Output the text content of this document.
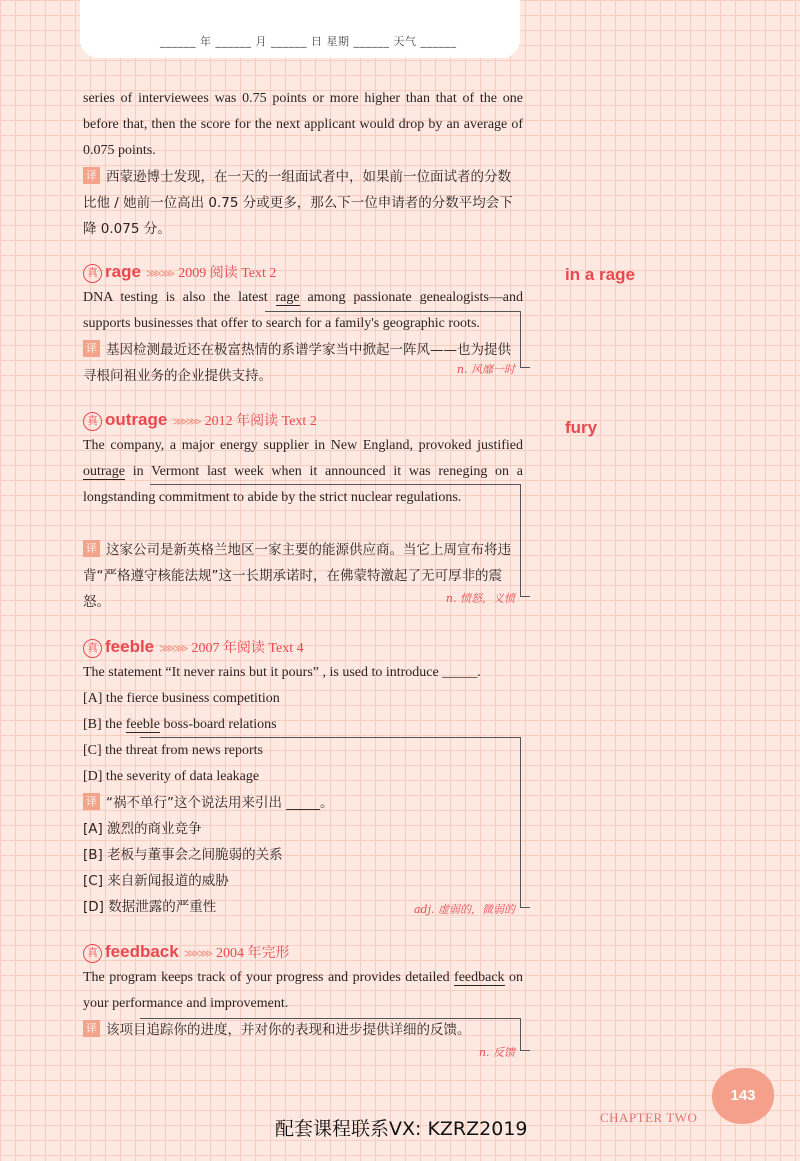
______ 年 ______ 月 ______ 日 星期 ______ 天气 ______
series of interviewees was 0.75 points or more higher than that of the one before that, then the score for the next applicant would drop by an average of 0.075 points.
译 西蒙逊博士发现，在一天的一组面试者中，如果前一位面试者的分数比他 / 她前一位高出 0.75 分或更多，那么下一位申请者的分数平均会下降 0.075 分。
真 rage ⋙⋙ 2009 阅读 Text 2
DNA testing is also the latest rage among passionate genealogists—and supports businesses that offer to search for a family's geographic roots.
译 基因检测最近还在极富热情的系谱学家当中掀起一阵风——也为提供寻根问祖业务的企业提供支持。
真 outrage ⋙⋙ 2012 年阅读 Text 2
The company, a major energy supplier in New England, provoked justified outrage in Vermont last week when it announced it was reneging on a longstanding commitment to abide by the strict nuclear regulations.
译 这家公司是新英格兰地区一家主要的能源供应商。当它上周宣布将违背“严格遵守核能法规”这一长期承诺时，在佛蒙特激起了无可厚非的震怒。
真 feeble ⋙⋙ 2007 年阅读 Text 4
The statement “It never rains but it pours” , is used to introduce _____.
[A] the fierce business competition
[B] the feeble boss-board relations
[C] the threat from news reports
[D] the severity of data leakage
译 “祸不单行”这个说法用来引出 _____。
[A] 激烈的商业竞争
[B] 老板与董事会之间脆弱的关系
[C] 来自新闻报道的威胁
[D] 数据泄露的严重性
真 feedback ⋙⋙ 2004 年完形
The program keeps track of your progress and provides detailed feedback on your performance and improvement.
译 该项目追踪你的进度，并对你的表现和进步提供详细的反馈。
n. 风靡一时
n. 愤怒，义愤
adj. 虚弱的，微弱的
n. 反馈
in a rage
fury
配套课程联系VX: KZRZ2019
CHAPTER TWO
143
